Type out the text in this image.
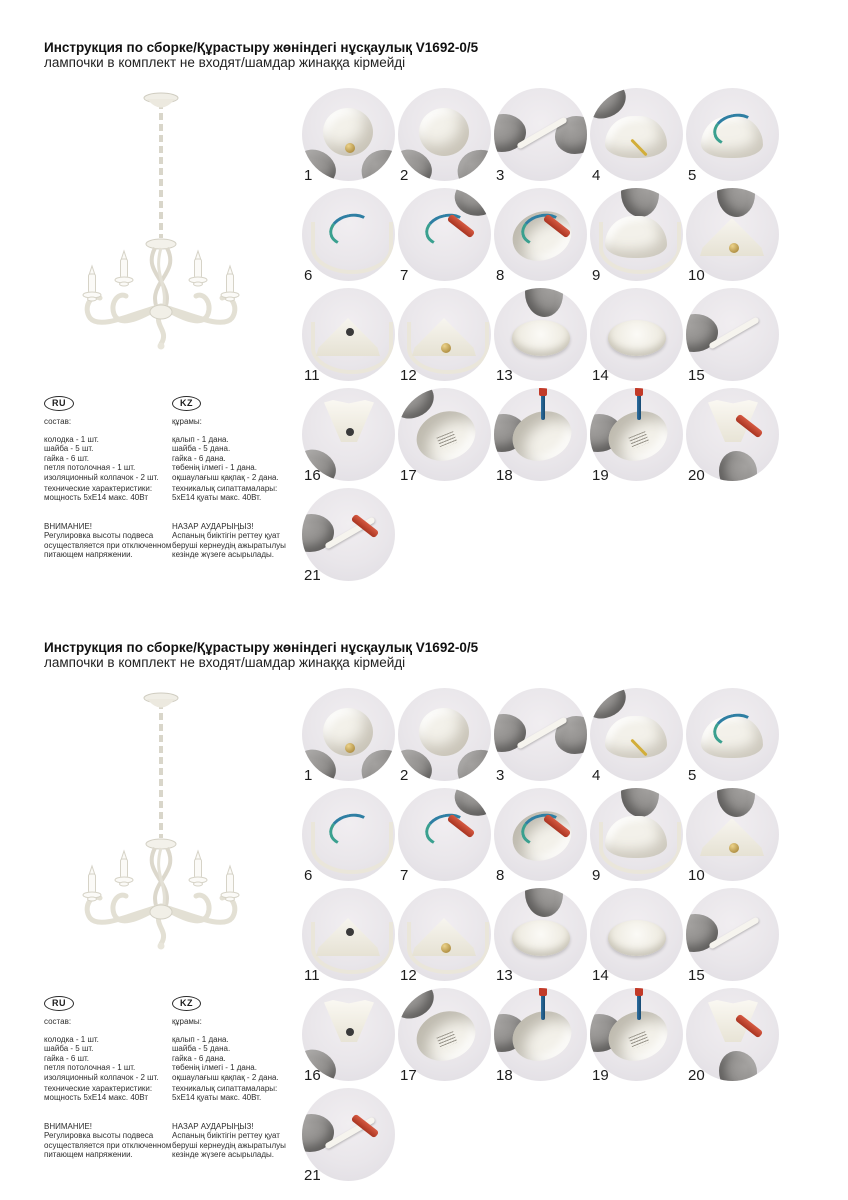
Инструкция по сборке/Құрастыру жөніндегі нұсқаулық V1692-0/5

лампочки в комплект не входят/шамдар жинаққа кірмейді

1	2	3	4	5
6	7	8	9	10
11	12	13	14	15
16	17	18	19	20
21
RU
состав:
колодка - 1 шт.
шайба - 5 шт.
гайка - 6 шт.
петля потолочная - 1 шт.
изоляционный колпачок - 2 шт.
технические характеристики:
мощность 5хЕ14 макс. 40Вт
ВНИМАНИЕ!
Регулировка высоты подвеса осуществляется при отключенном питающем напряжении.
KZ
құрамы:
қалып - 1 дана.
шайба - 5 дана.
гайка - 6 дана.
төбенің ілмегі - 1 дана.
оқшаулағыш қақпақ - 2 дана.
техникалық сипаттамалары:
5хЕ14 қуаты макс. 40Вт.
НАЗАР АУДАРЫҢЫЗ!
Аспаның биіктігін реттеу қуат беруші кернеудің ажыратылуы кезінде жүзеге асырылады.
Инструкция по сборке/Құрастыру жөніндегі нұсқаулық V1692-0/5

лампочки в комплект не входят/шамдар жинаққа кірмейді

1	2	3	4	5
6	7	8	9	10
11	12	13	14	15
16	17	18	19	20
21
RU
состав:
колодка - 1 шт.
шайба - 5 шт.
гайка - 6 шт.
петля потолочная - 1 шт.
изоляционный колпачок - 2 шт.
технические характеристики:
мощность 5хЕ14 макс. 40Вт
ВНИМАНИЕ!
Регулировка высоты подвеса осуществляется при отключенном питающем напряжении.
KZ
құрамы:
қалып - 1 дана.
шайба - 5 дана.
гайка - 6 дана.
төбенің ілмегі - 1 дана.
оқшаулағыш қақпақ - 2 дана.
техникалық сипаттамалары:
5хЕ14 қуаты макс. 40Вт.
НАЗАР АУДАРЫҢЫЗ!
Аспаның биіктігін реттеу қуат беруші кернеудің ажыратылуы кезінде жүзеге асырылады.
